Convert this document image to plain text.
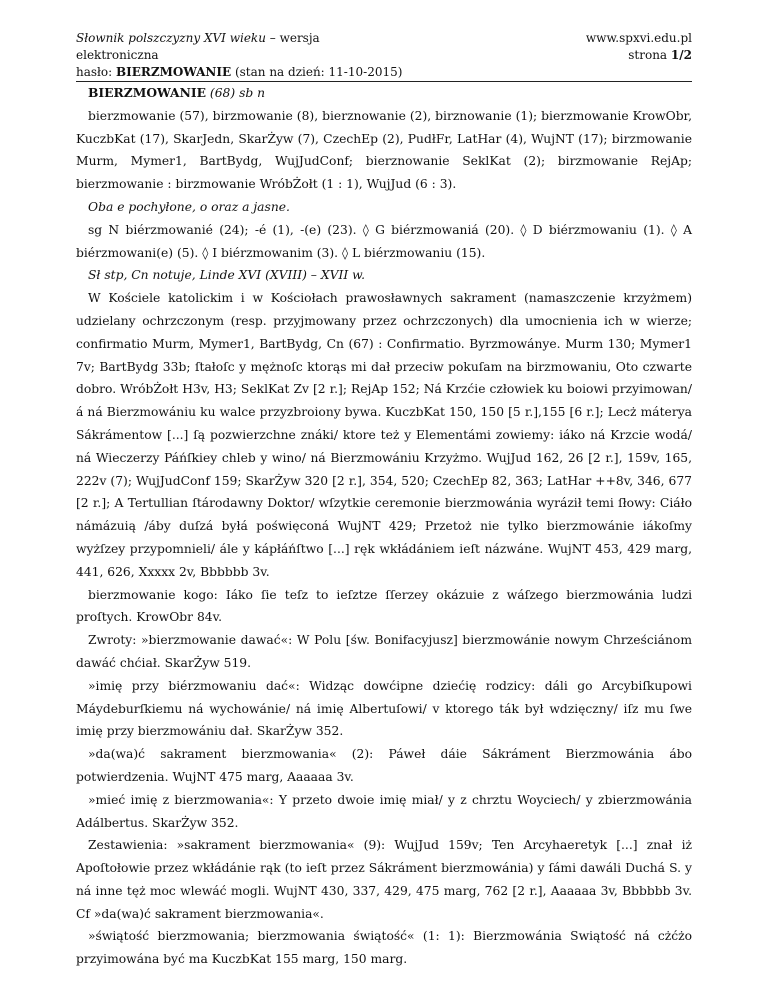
Słownik polszczyzny XVI wieku – wersja elektroniczna
hasło: BIERZMOWANIE (stan na dzień: 11-10-2015)
www.spxvi.edu.pl
strona 1/2

BIERZMOWANIE (68) sb n

bierzmowanie (57), birzmowanie (8), bierznowanie (2), birznowanie (1); bierzmowanie KrowObr, KuczbKat (17), SkarJedn, SkarŻyw (7), CzechEp (2), PudłFr, LatHar (4), WujNT (17); birzmowanie Murm, Mymer1, BartBydg, WujJudConf; bierznowanie SeklKat (2); birzmowanie RejAp; bierzmowanie : birzmowanie WróbŻołt (1 : 1), WujJud (6 : 3).

Oba e pochyłone, o oraz a jasne.

sg N biérzmowanié (24); -é (1), -(e) (23). ◊ G biérzmowaniá (20). ◊ D biérzmowaniu (1). ◊ A biérzmowani(e) (5). ◊ I biérzmowanim (3). ◊ L biérzmowaniu (15).

Sł stp, Cn notuje, Linde XVI (XVIII) – XVII w.

W Kościele katolickim i w Kościołach prawosławnych sakrament (namaszczenie krzyżmem) udzielany ochrzczonym (resp. przyjmowany przez ochrzczonych) dla umocnienia ich w wierze; confirmatio Murm, Mymer1, BartBydg, Cn (67) : Confirmatio. Byrzmowánye. Murm 130; Mymer1 7v; BartBydg 33b; ſtałoſc y mężnoſc ktorąs mi dał przeciw pokuſam na birzmowaniu, Oto czwarte dobro. WróbŻołt H3v, H3; SeklKat Zv [2 r.]; RejAp 152; Ná Krzćie człowiek ku boiowi przyimowan/ á ná Bierzmowániu ku walce przyzbroiony bywa. KuczbKat 150, 150 [5 r.],155 [6 r.]; Lecż máterya Sákrámentow [...] ſą pozwierzchne znáki/ ktore też y Elementámi zowiemy: iáko ná Krzcie wodá/ ná Wieczerzy Páńſkiey chleb y wino/ ná Bierzmowániu Krzyżmo. WujJud 162, 26 [2 r.], 159v, 165, 222v (7); WujJudConf 159; SkarŻyw 320 [2 r.], 354, 520; CzechEp 82, 363; LatHar ++8v, 346, 677 [2 r.]; A Tertullian ſtárodawny Doktor/ wſzytkie ceremonie bierzmowánia wyráził temi ſłowy: Ciáło námázuią /áby duſzá byłá poświęconá WujNT 429; Przetoż nie tylko bierzmowánie iákoſmy wyżſzey przypomnieli/ ále y kápłáńſtwo [...] ręk wkłádániem ieſt názwáne. WujNT 453, 429 marg, 441, 626, Xxxxx 2v, Bbbbbb 3v.

bierzmowanie kogo: Iáko ſie teſz to ieſztze ſſerzey okázuie z wáſzego bierzmowánia ludzi proſtych. KrowObr 84v.

Zwroty: »bierzmowanie dawać«: W Polu [św. Bonifacyjusz] bierzmowánie nowym Chrześciánom dawáć chćiał. SkarŻyw 519.

»imię przy biérzmowaniu dać«: Widząc dowćipne dziećię rodzicy: dáli go Arcybiſkupowi Máydeburſkiemu ná wychowánie/ ná imię Albertuſowi/ v ktorego ták był wdzięczny/ iſz mu ſwe imię przy bierzmowániu dał. SkarŻyw 352.

»da(wa)ć sakrament bierzmowania« (2): Páweł dáie Sákráment Bierzmowánia ábo potwierdzenia. WujNT 475 marg, Aaaaaa 3v.

»mieć imię z bierzmowania«: Y przeto dwoie imię miał/ y z chrztu Woyciech/ y zbierzmowánia Adálbertus. SkarŻyw 352.

Zestawienia: »sakrament bierzmowania« (9): WujJud 159v; Ten Arcyhaeretyk [...] znał iż Apoſtołowie przez wkłádánie rąk (to ieſt przez Sákráment bierzmowánia) y ſámi dawáli Duchá S. y ná inne tęż moc wlewáć mogli. WujNT 430, 337, 429, 475 marg, 762 [2 r.], Aaaaaa 3v, Bbbbbb 3v. Cf »da(wa)ć sakrament bierzmowania«.

»świątość bierzmowania; bierzmowania świątość« (1: 1): Bierzmowánia Swiątość ná cżćżo przyimowána być ma KuczbKat 155 marg, 150 marg.
